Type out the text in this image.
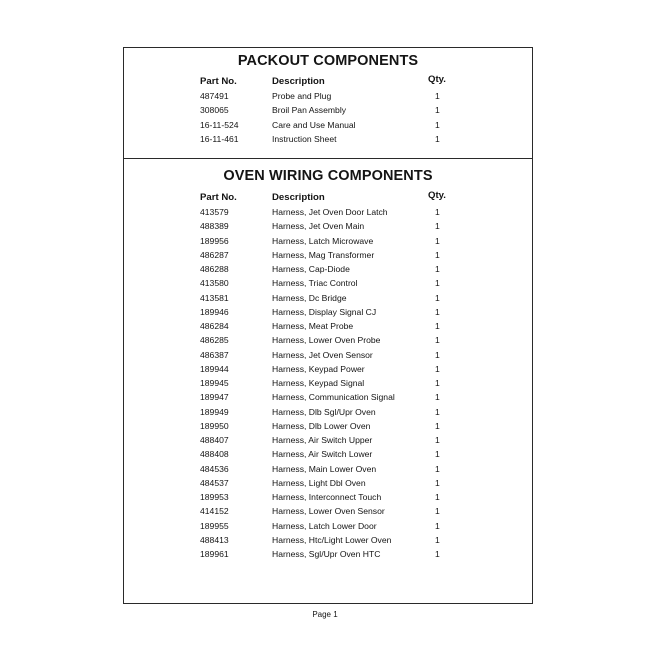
PACKOUT COMPONENTS
Part No.	Description	Qty.
487491	Probe and Plug	1
308065	Broil Pan Assembly	1
16-11-524	Care and Use Manual	1
16-11-461	Instruction Sheet	1
OVEN WIRING COMPONENTS
Part No.	Description	Qty.
413579	Harness, Jet Oven Door Latch	1
488389	Harness, Jet Oven Main	1
189956	Harness, Latch Microwave	1
486287	Harness, Mag Transformer	1
486288	Harness, Cap-Diode	1
413580	Harness, Triac Control	1
413581	Harness, Dc Bridge	1
189946	Harness, Display Signal CJ	1
486284	Harness, Meat Probe	1
486285	Harness, Lower Oven Probe	1
486387	Harness, Jet Oven Sensor	1
189944	Harness, Keypad Power	1
189945	Harness, Keypad Signal	1
189947	Harness, Communication Signal	1
189949	Harness, Dlb Sgl/Upr Oven	1
189950	Harness, Dlb Lower Oven	1
488407	Harness, Air Switch Upper	1
488408	Harness, Air Switch Lower	1
484536	Harness, Main Lower Oven	1
484537	Harness, Light Dbl Oven	1
189953	Harness, Interconnect Touch	1
414152	Harness, Lower Oven Sensor	1
189955	Harness, Latch Lower Door	1
488413	Harness, Htc/Light Lower Oven	1
189961	Harness, Sgl/Upr Oven HTC	1
Page 1
